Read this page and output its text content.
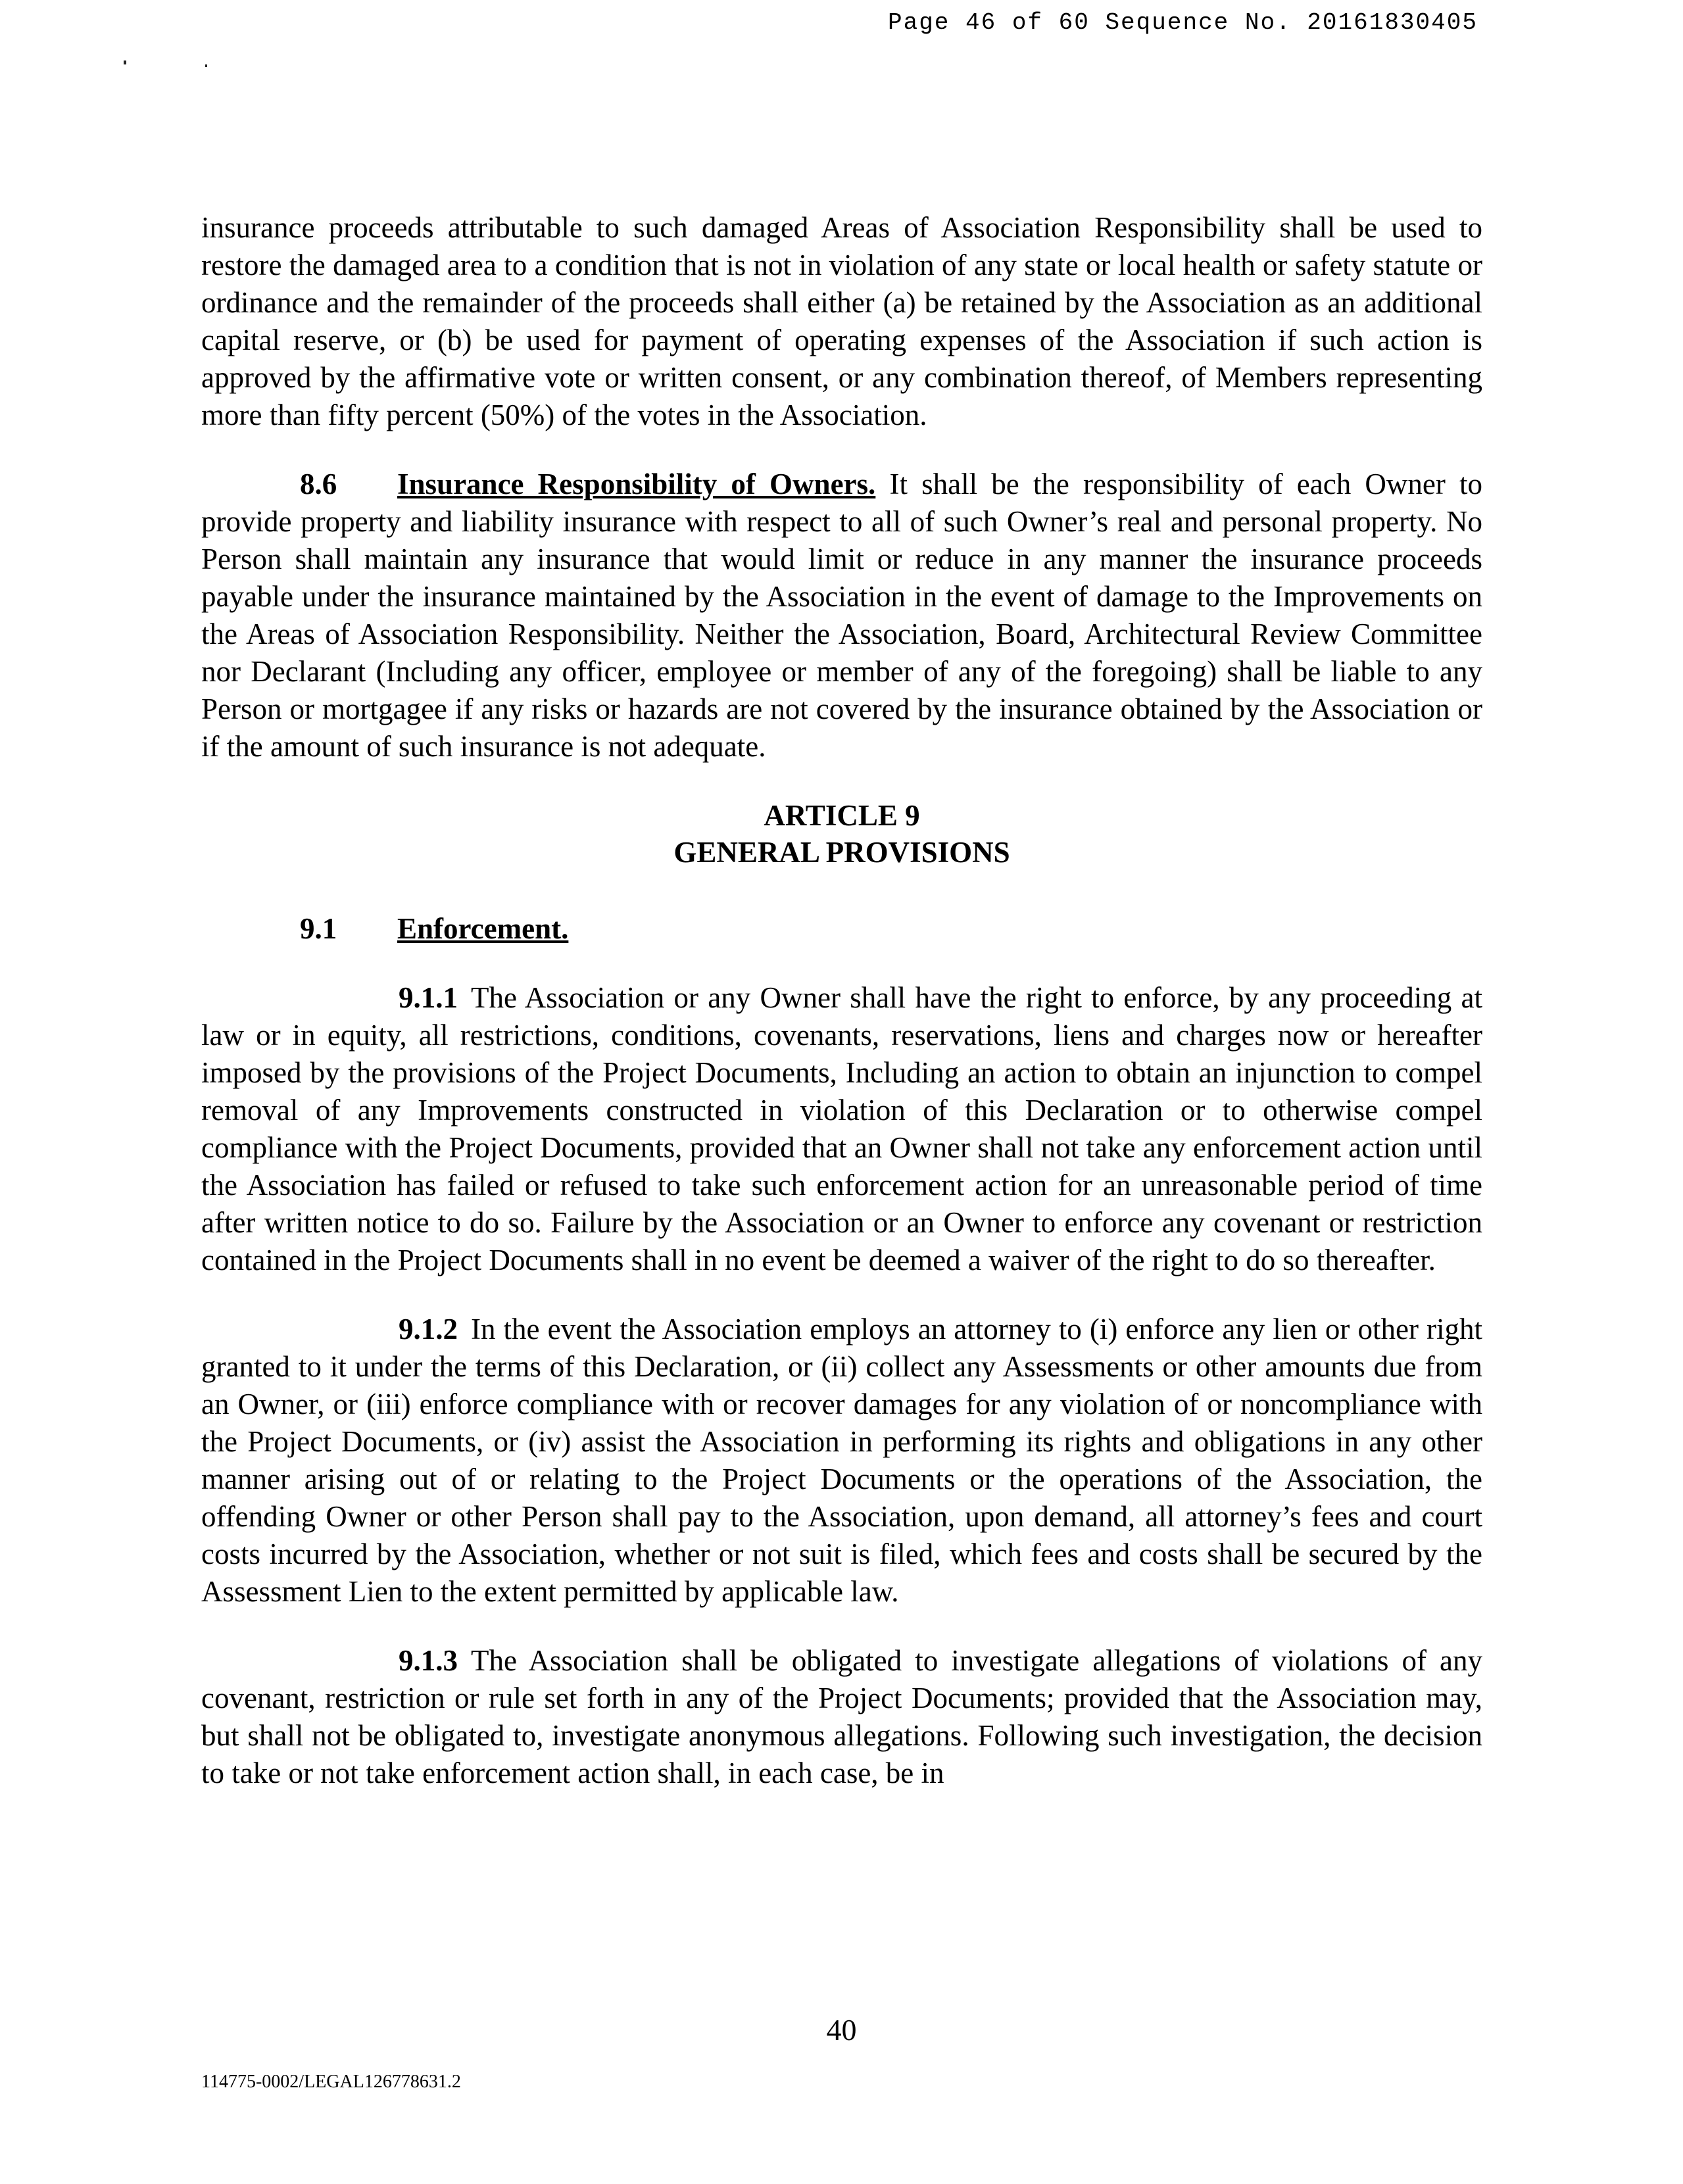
Page 46 of 60 Sequence No. 20161830405

insurance proceeds attributable to such damaged Areas of Association Responsibility shall be used to restore the damaged area to a condition that is not in violation of any state or local health or safety statute or ordinance and the remainder of the proceeds shall either (a) be retained by the Association as an additional capital reserve, or (b) be used for payment of operating expenses of the Association if such action is approved by the affirmative vote or written consent, or any combination thereof, of Members representing more than fifty percent (50%) of the votes in the Association.

8.6 Insurance Responsibility of Owners. It shall be the responsibility of each Owner to provide property and liability insurance with respect to all of such Owner’s real and personal property. No Person shall maintain any insurance that would limit or reduce in any manner the insurance proceeds payable under the insurance maintained by the Association in the event of damage to the Improvements on the Areas of Association Responsibility. Neither the Association, Board, Architectural Review Committee nor Declarant (Including any officer, employee or member of any of the foregoing) shall be liable to any Person or mortgagee if any risks or hazards are not covered by the insurance obtained by the Association or if the amount of such insurance is not adequate.

ARTICLE 9
GENERAL PROVISIONS

9.1 Enforcement.

9.1.1 The Association or any Owner shall have the right to enforce, by any proceeding at law or in equity, all restrictions, conditions, covenants, reservations, liens and charges now or hereafter imposed by the provisions of the Project Documents, Including an action to obtain an injunction to compel removal of any Improvements constructed in violation of this Declaration or to otherwise compel compliance with the Project Documents, provided that an Owner shall not take any enforcement action until the Association has failed or refused to take such enforcement action for an unreasonable period of time after written notice to do so. Failure by the Association or an Owner to enforce any covenant or restriction contained in the Project Documents shall in no event be deemed a waiver of the right to do so thereafter.

9.1.2 In the event the Association employs an attorney to (i) enforce any lien or other right granted to it under the terms of this Declaration, or (ii) collect any Assessments or other amounts due from an Owner, or (iii) enforce compliance with or recover damages for any violation of or noncompliance with the Project Documents, or (iv) assist the Association in performing its rights and obligations in any other manner arising out of or relating to the Project Documents or the operations of the Association, the offending Owner or other Person shall pay to the Association, upon demand, all attorney’s fees and court costs incurred by the Association, whether or not suit is filed, which fees and costs shall be secured by the Assessment Lien to the extent permitted by applicable law.

9.1.3 The Association shall be obligated to investigate allegations of violations of any covenant, restriction or rule set forth in any of the Project Documents; provided that the Association may, but shall not be obligated to, investigate anonymous allegations. Following such investigation, the decision to take or not take enforcement action shall, in each case, be in

40
114775-0002/LEGAL126778631.2
